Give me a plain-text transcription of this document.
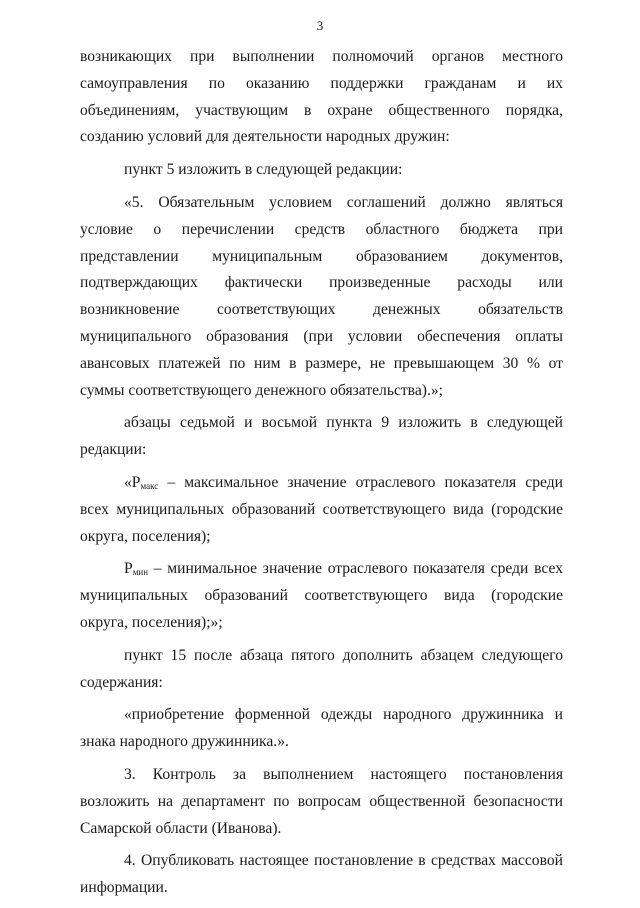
3

возникающих при выполнении полномочий органов местного самоуправления по оказанию поддержки гражданам и их объединениям, участвующим в охране общественного порядка, созданию условий для деятельности народных дружин:

пункт 5 изложить в следующей редакции:

«5. Обязательным условием соглашений должно являться условие о перечислении средств областного бюджета при представлении муниципальным образованием документов, подтверждающих фактически произведенные расходы или возникновение соответствующих денежных обязательств муниципального образования (при условии обеспечения оплаты авансовых платежей по ним в размере, не превышающем 30 % от суммы соответствующего денежного обязательства).»;

абзацы седьмой и восьмой пункта 9 изложить в следующей редакции:

«$Р_{макс}$ – максимальное значение отраслевого показателя среди всех муниципальных образований соответствующего вида (городские округа, поселения);

$Р_{мин}$ – минимальное значение отраслевого показателя среди всех муниципальных образований соответствующего вида (городские округа, поселения);»;

пункт 15 после абзаца пятого дополнить абзацем следующего содержания:

«приобретение форменной одежды народного дружинника и знака народного дружинника.».

3. Контроль за выполнением настоящего постановления возложить на департамент по вопросам общественной безопасности Самарской области (Иванова).

4. Опубликовать настоящее постановление в средствах массовой информации.
